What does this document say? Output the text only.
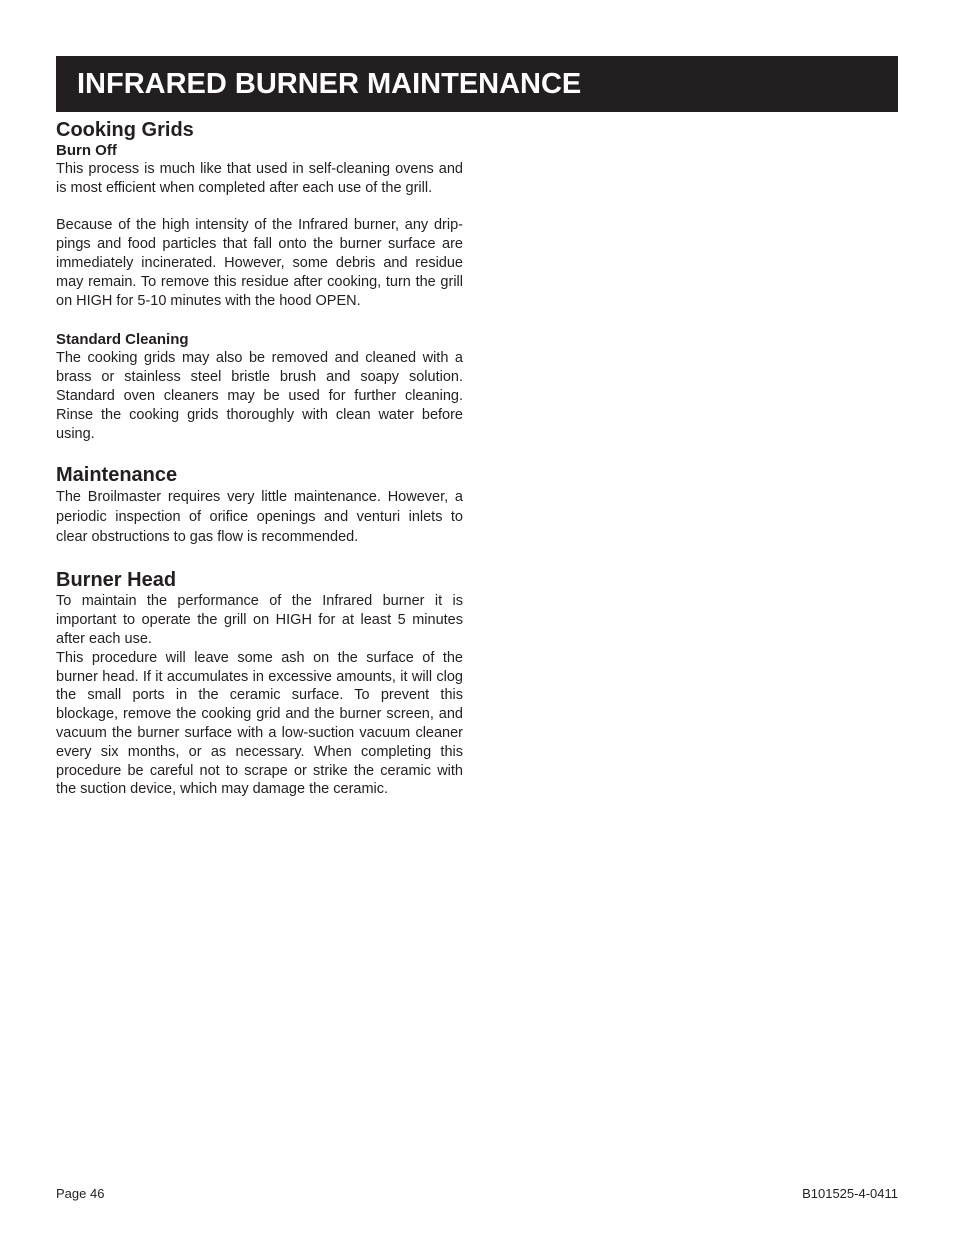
INFRARED BURNER MAINTENANCE
Cooking Grids
Burn Off

This process is much like that used in self-cleaning ovens and is most efficient when completed after each use of the grill.

Because of the high intensity of the Infrared burner, any drippings and food particles that fall onto the burner surface are immediately incinerated. However, some debris and residue may remain. To remove this residue after cooking, turn the grill on HIGH for 5-10 minutes with the hood OPEN.

Standard Cleaning

The cooking grids may also be removed and cleaned with a brass or stainless steel bristle brush and soapy solution. Standard oven cleaners may be used for further cleaning. Rinse the cooking grids thoroughly with clean water before using.

Maintenance

The Broilmaster requires very little maintenance. However, a periodic inspection of orifice openings and venturi inlets to clear obstructions to gas flow is recommended.

Burner Head

To maintain the performance of the Infrared burner it is important to operate the grill on HIGH for at least 5 minutes after each use.

This procedure will leave some ash on the surface of the burner head. If it accumulates in excessive amounts, it will clog the small ports in the ceramic surface. To prevent this blockage, remove the cooking grid and the burner screen, and vacuum the burner surface with a low-suction vacuum cleaner every six months, or as necessary. When completing this procedure be careful not to scrape or strike the ceramic with the suction device, which may damage the ceramic.

Page 46	B101525-4-0411
